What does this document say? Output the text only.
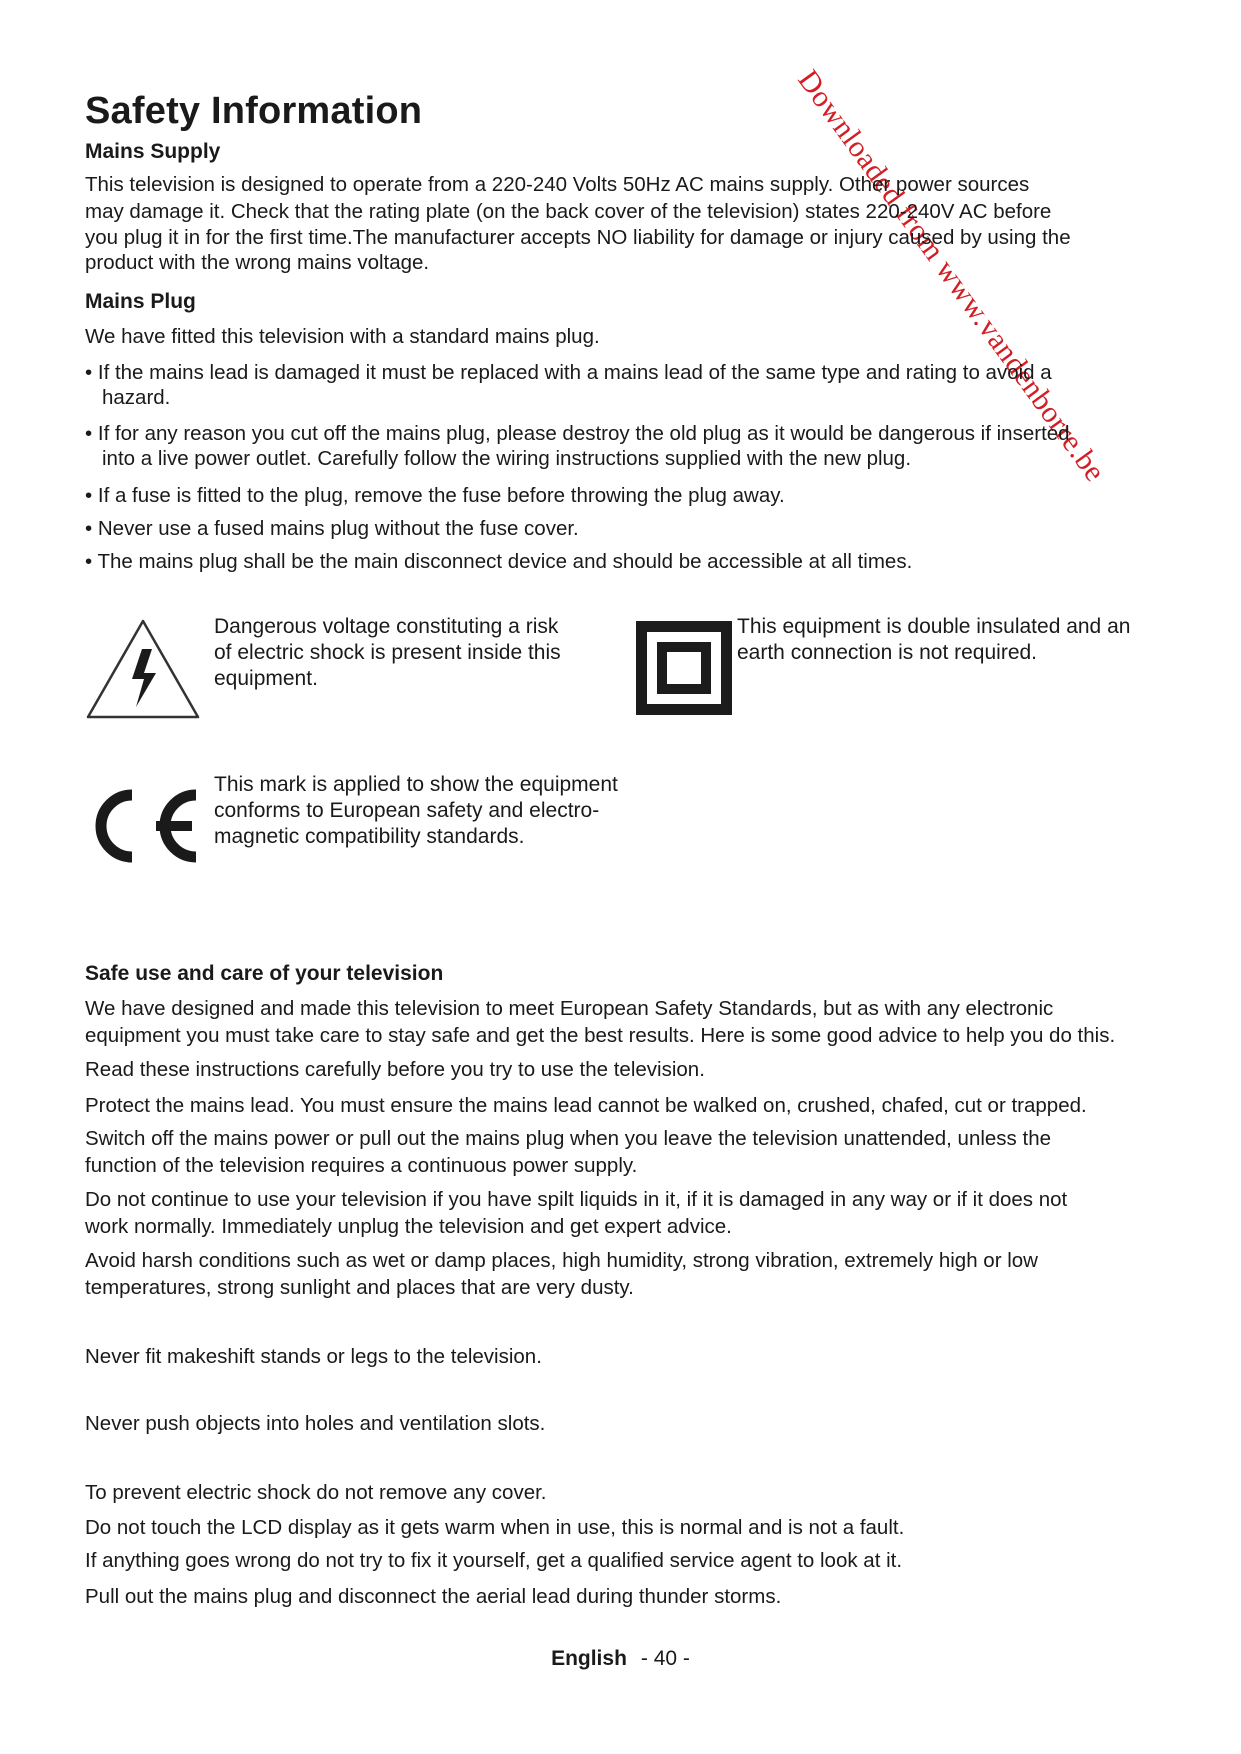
Downloaded from www.vandenborre.be
Safety Information
Mains Supply
This television is designed to operate from a 220-240 Volts 50Hz AC mains supply. Other power sources
may damage it. Check that the rating plate (on the back cover of the television) states 220-240V AC before
you plug it in for the first time.The manufacturer accepts NO liability for damage or injury caused by using the
product with the wrong mains voltage.
Mains Plug
We have fitted this television with a standard mains plug.
• If the mains lead is damaged it must be replaced with a mains lead of the same type and rating to avoid a
hazard.
• If for any reason you cut off the mains plug, please destroy the old plug as it would be dangerous if inserted
into a live power outlet. Carefully follow the wiring instructions supplied with the new plug.
• If a fuse is fitted to the plug, remove the fuse before throwing the plug away.
• Never use a fused mains plug without the fuse cover.
• The mains plug shall be the main disconnect device and should be accessible at all times.
Dangerous voltage constituting a risk
of electric shock is present inside this
equipment.
This equipment is double insulated and an
earth connection is not required.
This mark is applied to show the equipment
conforms to European safety and electro-
magnetic compatibility standards.
Safe use and care of your television
We have designed and made this television to meet European Safety Standards, but as with any electronic
equipment you must take care to stay safe and get the best results. Here is some good advice to help you do this.
Read these instructions carefully before you try to use the television.
Protect the mains lead. You must ensure the mains lead cannot be walked on, crushed, chafed, cut or trapped.
Switch off the mains power or pull out the mains plug when you leave the television unattended, unless the
function of the television requires a continuous power supply.
Do not continue to use your television if you have spilt liquids in it, if it is damaged in any way or if it does not
work normally. Immediately unplug the television and get expert advice.
Avoid harsh conditions such as wet or damp places, high humidity, strong vibration, extremely high or low
temperatures, strong sunlight and places that are very dusty.
Never fit makeshift stands or legs to the television.
Never push objects into holes and ventilation slots.
To prevent electric shock do not remove any cover.
Do not touch the LCD display as it gets warm when in use, this is normal and is not a fault.
If anything goes wrong do not try to fix it yourself, get a qualified service agent to look at it.
Pull out the mains plug and disconnect the aerial lead during thunder storms.
English - 40 -
